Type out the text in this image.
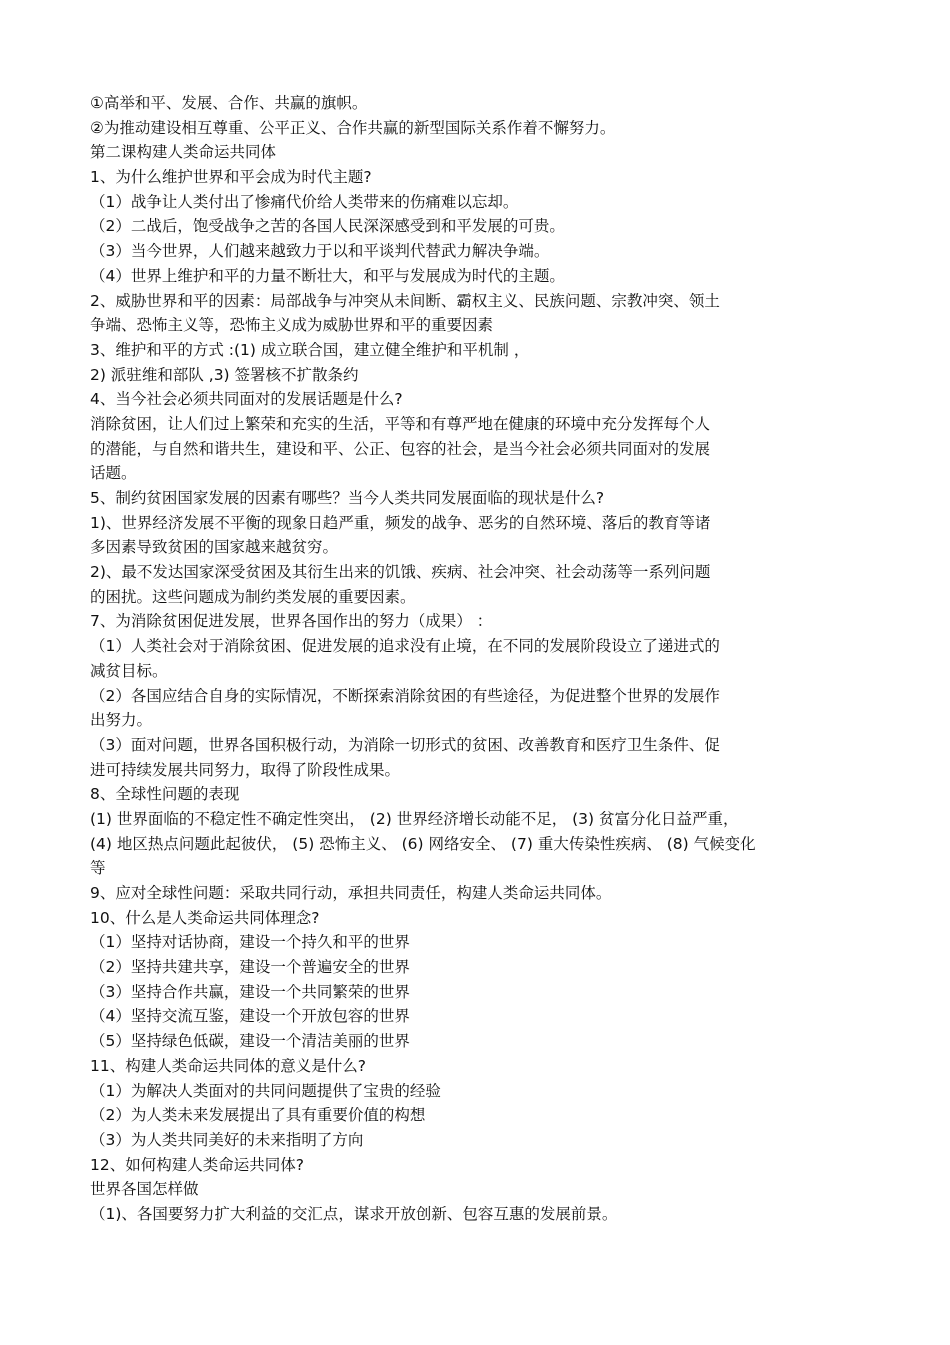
①高举和平、发展、合作、共赢的旗帜。
②为推动建设相互尊重、公平正义、合作共赢的新型国际关系作着不懈努力。
第二课构建人类命运共同体
1、为什么维护世界和平会成为时代主题?
（1）战争让人类付出了惨痛代价给人类带来的伤痛难以忘却。
（2）二战后，饱受战争之苦的各国人民深深感受到和平发展的可贵。
（3）当今世界，人们越来越致力于以和平谈判代替武力解决争端。
（4）世界上维护和平的力量不断壮大，和平与发展成为时代的主题。
2、威胁世界和平的因素：局部战争与冲突从未间断、霸权主义、民族问题、宗教冲突、领土
争端、恐怖主义等，恐怖主义成为威胁世界和平的重要因素
3、维护和平的方式 :(1) 成立联合国，建立健全维护和平机制 ，
2) 派驻维和部队 ,3) 签署核不扩散条约
4、当今社会必须共同面对的发展话题是什么?
消除贫困，让人们过上繁荣和充实的生活，平等和有尊严地在健康的环境中充分发挥每个人
的潜能，与自然和谐共生，建设和平、公正、包容的社会，是当今社会必须共同面对的发展
话题。
5、制约贫困国家发展的因素有哪些？当今人类共同发展面临的现状是什么?
1)、世界经济发展不平衡的现象日趋严重，频发的战争、恶劣的自然环境、落后的教育等诸
多因素导致贫困的国家越来越贫穷。
2)、最不发达国家深受贫困及其衍生出来的饥饿、疾病、社会冲突、社会动荡等一系列问题
的困扰。这些问题成为制约类发展的重要因素。
7、为消除贫困促进发展，世界各国作出的努力（成果） ：
（1）人类社会对于消除贫困、促进发展的追求没有止境，在不同的发展阶段设立了递进式的
减贫目标。
（2）各国应结合自身的实际情况，不断探索消除贫困的有些途径，为促进整个世界的发展作
出努力。
（3）面对问题，世界各国积极行动，为消除一切形式的贫困、改善教育和医疗卫生条件、促
进可持续发展共同努力，取得了阶段性成果。
8、全球性问题的表现
(1) 世界面临的不稳定性不确定性突出， (2) 世界经济增长动能不足， (3) 贫富分化日益严重，
(4) 地区热点问题此起彼伏， (5) 恐怖主义、 (6) 网络安全、 (7) 重大传染性疾病、 (8) 气候变化
等
9、应对全球性问题：采取共同行动，承担共同责任，构建人类命运共同体。
10、什么是人类命运共同体理念?
（1）坚持对话协商，建设一个持久和平的世界
（2）坚持共建共享，建设一个普遍安全的世界
（3）坚持合作共赢，建设一个共同繁荣的世界
（4）坚持交流互鉴，建设一个开放包容的世界
（5）坚持绿色低碳，建设一个清洁美丽的世界
11、构建人类命运共同体的意义是什么?
（1）为解决人类面对的共同问题提供了宝贵的经验
（2）为人类未来发展提出了具有重要价值的构想
（3）为人类共同美好的未来指明了方向
12、如何构建人类命运共同体?
世界各国怎样做
（1)、各国要努力扩大利益的交汇点，谋求开放创新、包容互惠的发展前景。
